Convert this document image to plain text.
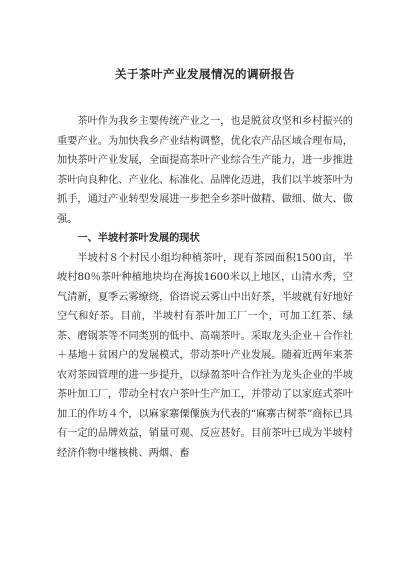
关于茶叶产业发展情况的调研报告

茶叶作为我乡主要传统产业之一，也是脱贫攻坚和乡村振兴的重要产业。为加快我乡产业结构调整，优化农产品区域合理布局，加快茶叶产业发展，全面提高茶叶产业综合生产能力，进一步推进茶叶向良种化、产业化、标准化、品牌化迈进，我们以半坡茶叶为抓手，通过产业转型发展进一步把全乡茶叶做精、做细、做大、做强。

一、半坡村茶叶发展的现状

半坡村８个村民小组均种植茶叶，现有茶园面积1500亩，半坡村80％茶叶种植地块均在海拔1600米以上地区，山清水秀，空气清新，夏季云雾缭绕，俗语说云雾山中出好茶，半坡就有好地好空气和好茶。目前，半坡村有茶叶加工厂一个，可加工红茶、绿茶、磨锅茶等不同类别的低中、高端茶叶。采取龙头企业＋合作社＋基地＋贫困户的发展模式，带动茶叶产业发展。随着近两年来茶农对茶园管理的进一步提升，以绿盈茶叶合作社为龙头企业的半坡茶叶加工厂，带动全村农户茶叶生产加工，并带动了以家庭式茶叶加工的作坊４个，以麻家寨傈僳族为代表的“麻寨古树茶”商标已具有一定的品牌效益，销量可观、反应甚好。目前茶叶已成为半坡村经济作物中继核桃、两烟、畜
